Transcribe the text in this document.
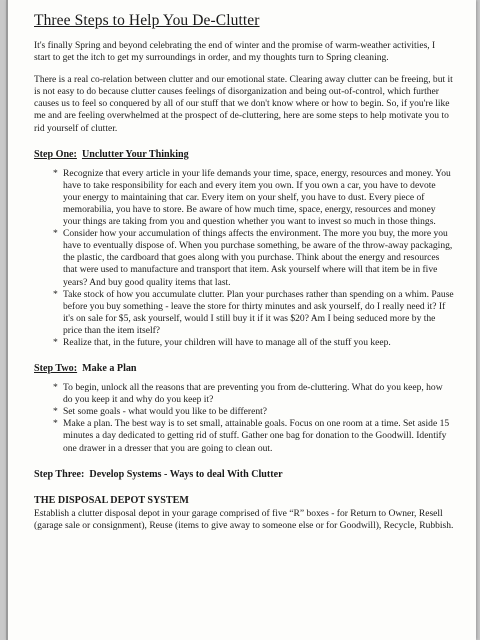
Three Steps to Help You De-Clutter

It's finally Spring and beyond celebrating the end of winter and the promise of warm-weather activities, I start to get the itch to get my surroundings in order, and my thoughts turn to Spring cleaning.

There is a real co-relation between clutter and our emotional state. Clearing away clutter can be freeing, but it is not easy to do because clutter causes feelings of disorganization and being out-of-control, which further causes us to feel so conquered by all of our stuff that we don't know where or how to begin. So, if you're like me and are feeling overwhelmed at the prospect of de-cluttering, here are some steps to help motivate you to rid yourself of clutter.

Step One: Unclutter Your Thinking
* Recognize that every article in your life demands your time, space, energy, resources and money. You have to take responsibility for each and every item you own. If you own a car, you have to devote your energy to maintaining that car. Every item on your shelf, you have to dust. Every piece of memorabilia, you have to store. Be aware of how much time, space, energy, resources and money your things are taking from you and question whether you want to invest so much in those things.
* Consider how your accumulation of things affects the environment. The more you buy, the more you have to eventually dispose of. When you purchase something, be aware of the throw-away packaging, the plastic, the cardboard that goes along with you purchase. Think about the energy and resources that were used to manufacture and transport that item. Ask yourself where will that item be in five years? And buy good quality items that last.
* Take stock of how you accumulate clutter. Plan your purchases rather than spending on a whim. Pause before you buy something - leave the store for thirty minutes and ask yourself, do I really need it? If it's on sale for $5, ask yourself, would I still buy it if it was $20? Am I being seduced more by the price than the item itself?
* Realize that, in the future, your children will have to manage all of the stuff you keep.
Step Two: Make a Plan
* To begin, unlock all the reasons that are preventing you from de-cluttering. What do you keep, how do you keep it and why do you keep it?
* Set some goals - what would you like to be different?
* Make a plan. The best way is to set small, attainable goals. Focus on one room at a time. Set aside 15 minutes a day dedicated to getting rid of stuff. Gather one bag for donation to the Goodwill. Identify one drawer in a dresser that you are going to clean out.
Step Three: Develop Systems - Ways to deal With Clutter
THE DISPOSAL DEPOT SYSTEM

Establish a clutter disposal depot in your garage comprised of five “R” boxes - for Return to Owner, Resell (garage sale or consignment), Reuse (items to give away to someone else or for Goodwill), Recycle, Rubbish.
